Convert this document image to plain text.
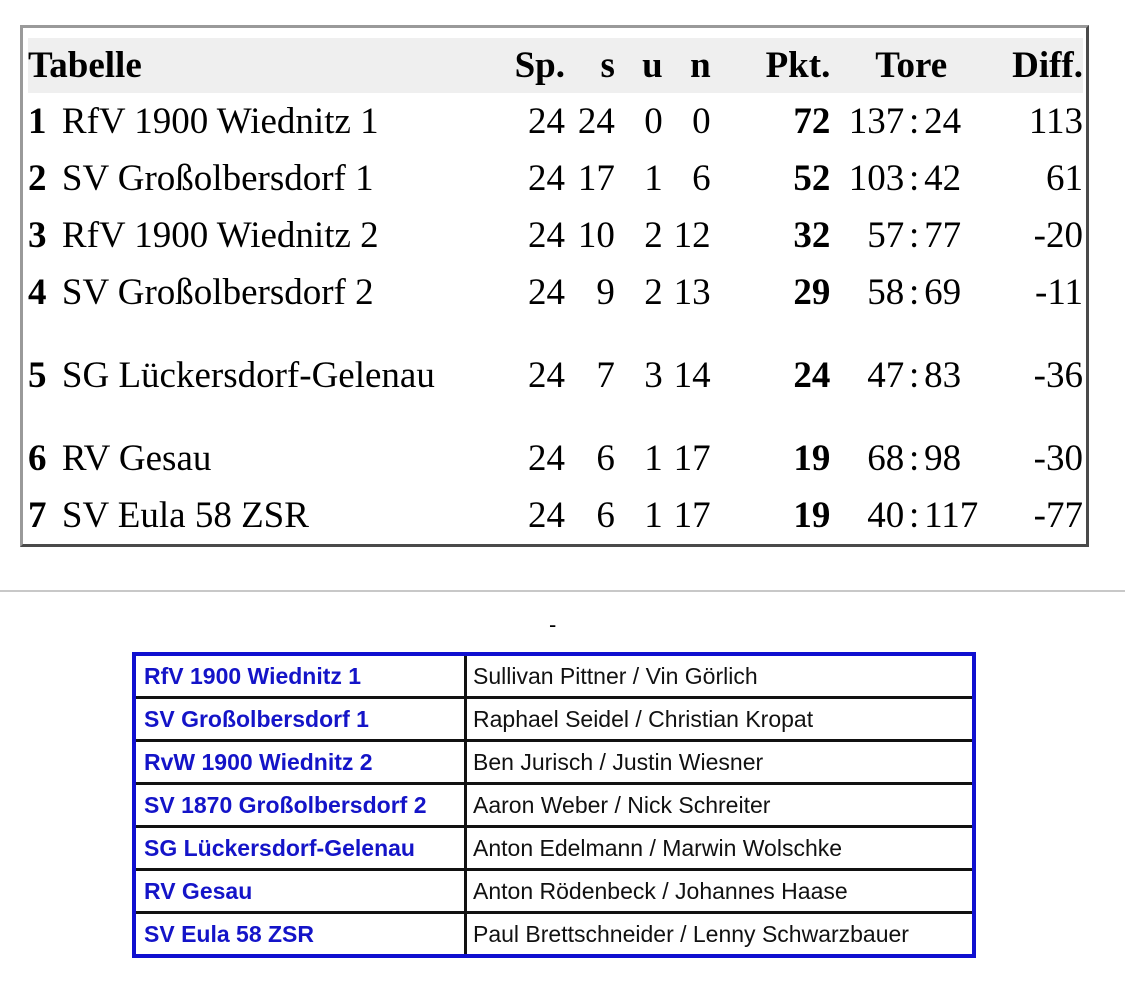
Tabelle		Sp.	s	u	n	Pkt.	Tore			Diff.
1	RfV 1900 Wiednitz 1	24	24	0	0	72	137	:	24	113
2	SV Großolbersdorf 1	24	17	1	6	52	103	:	42	61
3	RfV 1900 Wiednitz 2	24	10	2	12	32	57	:	77	-20
4	SV Großolbersdorf 2	24	9	2	13	29	58	:	69	-11
5	SG Lückersdorf-Gelenau	24	7	3	14	24	47	:	83	-36
6	RV Gesau	24	6	1	17	19	68	:	98	-30
7	SV Eula 58 ZSR	24	6	1	17	19	40	:	117	-77
-
RfV 1900 Wiednitz 1	Sullivan Pittner / Vin Görlich
SV Großolbersdorf 1	Raphael Seidel / Christian Kropat
RvW 1900 Wiednitz 2	Ben Jurisch / Justin Wiesner
SV 1870 Großolbersdorf 2	Aaron Weber / Nick Schreiter
SG Lückersdorf-Gelenau	Anton Edelmann / Marwin Wolschke
RV Gesau	Anton Rödenbeck / Johannes Haase
SV Eula 58 ZSR	Paul Brettschneider / Lenny Schwarzbauer
